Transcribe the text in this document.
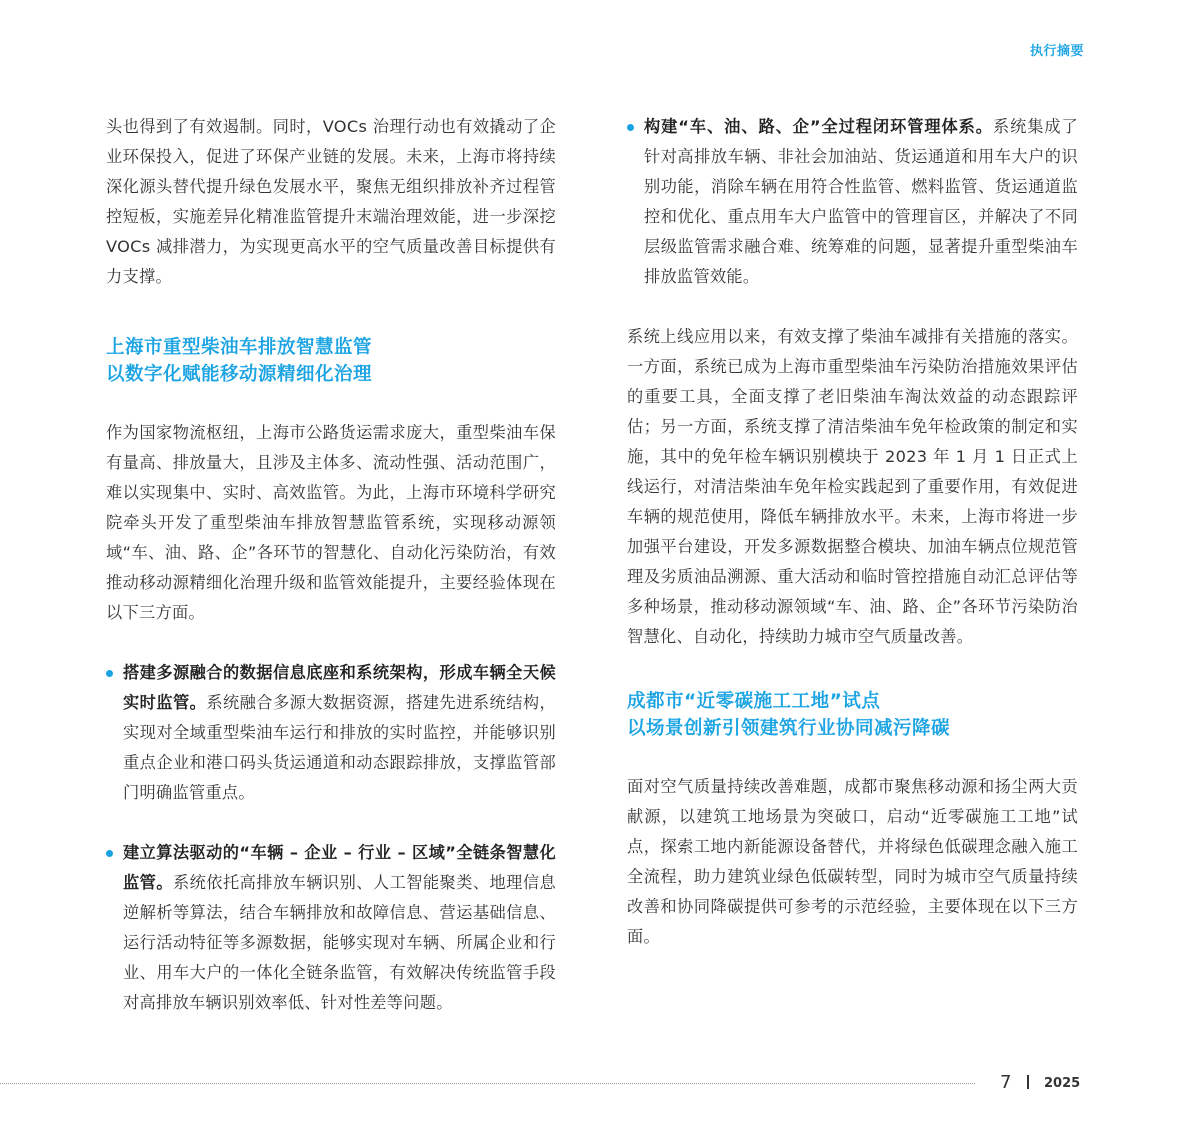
执行摘要

头也得到了有效遏制。同时，VOCs 治理行动也有效撬动了企业环保投入，促进了环保产业链的发展。未来，上海市将持续深化源头替代提升绿色发展水平，聚焦无组织排放补齐过程管控短板，实施差异化精准监管提升末端治理效能，进一步深挖 VOCs 减排潜力，为实现更高水平的空气质量改善目标提供有力支撑。

上海市重型柴油车排放智慧监管
以数字化赋能移动源精细化治理

作为国家物流枢纽，上海市公路货运需求庞大，重型柴油车保有量高、排放量大，且涉及主体多、流动性强、活动范围广，难以实现集中、实时、高效监管。为此，上海市环境科学研究院牵头开发了重型柴油车排放智慧监管系统，实现移动源领域“车、油、路、企”各环节的智慧化、自动化污染防治，有效推动移动源精细化治理升级和监管效能提升，主要经验体现在以下三方面。

搭建多源融合的数据信息底座和系统架构，形成车辆全天候实时监管。系统融合多源大数据资源，搭建先进系统结构，实现对全域重型柴油车运行和排放的实时监控，并能够识别重点企业和港口码头货运通道和动态跟踪排放，支撑监管部门明确监管重点。

建立算法驱动的“车辆 – 企业 – 行业 – 区域”全链条智慧化监管。系统依托高排放车辆识别、人工智能聚类、地理信息逆解析等算法，结合车辆排放和故障信息、营运基础信息、运行活动特征等多源数据，能够实现对车辆、所属企业和行业、用车大户的一体化全链条监管，有效解决传统监管手段对高排放车辆识别效率低、针对性差等问题。

构建“车、油、路、企”全过程闭环管理体系。系统集成了针对高排放车辆、非社会加油站、货运通道和用车大户的识别功能，消除车辆在用符合性监管、燃料监管、货运通道监控和优化、重点用车大户监管中的管理盲区，并解决了不同层级监管需求融合难、统筹难的问题，显著提升重型柴油车排放监管效能。

系统上线应用以来，有效支撑了柴油车减排有关措施的落实。一方面，系统已成为上海市重型柴油车污染防治措施效果评估的重要工具，全面支撑了老旧柴油车淘汰效益的动态跟踪评估；另一方面，系统支撑了清洁柴油车免年检政策的制定和实施，其中的免年检车辆识别模块于 2023 年 1 月 1 日正式上线运行，对清洁柴油车免年检实践起到了重要作用，有效促进车辆的规范使用，降低车辆排放水平。未来，上海市将进一步加强平台建设，开发多源数据整合模块、加油车辆点位规范管理及劣质油品溯源、重大活动和临时管控措施自动汇总评估等多种场景，推动移动源领域“车、油、路、企”各环节污染防治智慧化、自动化，持续助力城市空气质量改善。

成都市“近零碳施工工地”试点
以场景创新引领建筑行业协同减污降碳

面对空气质量持续改善难题，成都市聚焦移动源和扬尘两大贡献源，以建筑工地场景为突破口，启动“近零碳施工工地”试点，探索工地内新能源设备替代，并将绿色低碳理念融入施工全流程，助力建筑业绿色低碳转型，同时为城市空气质量持续改善和协同降碳提供可参考的示范经验，主要体现在以下三方面。

7	2025
